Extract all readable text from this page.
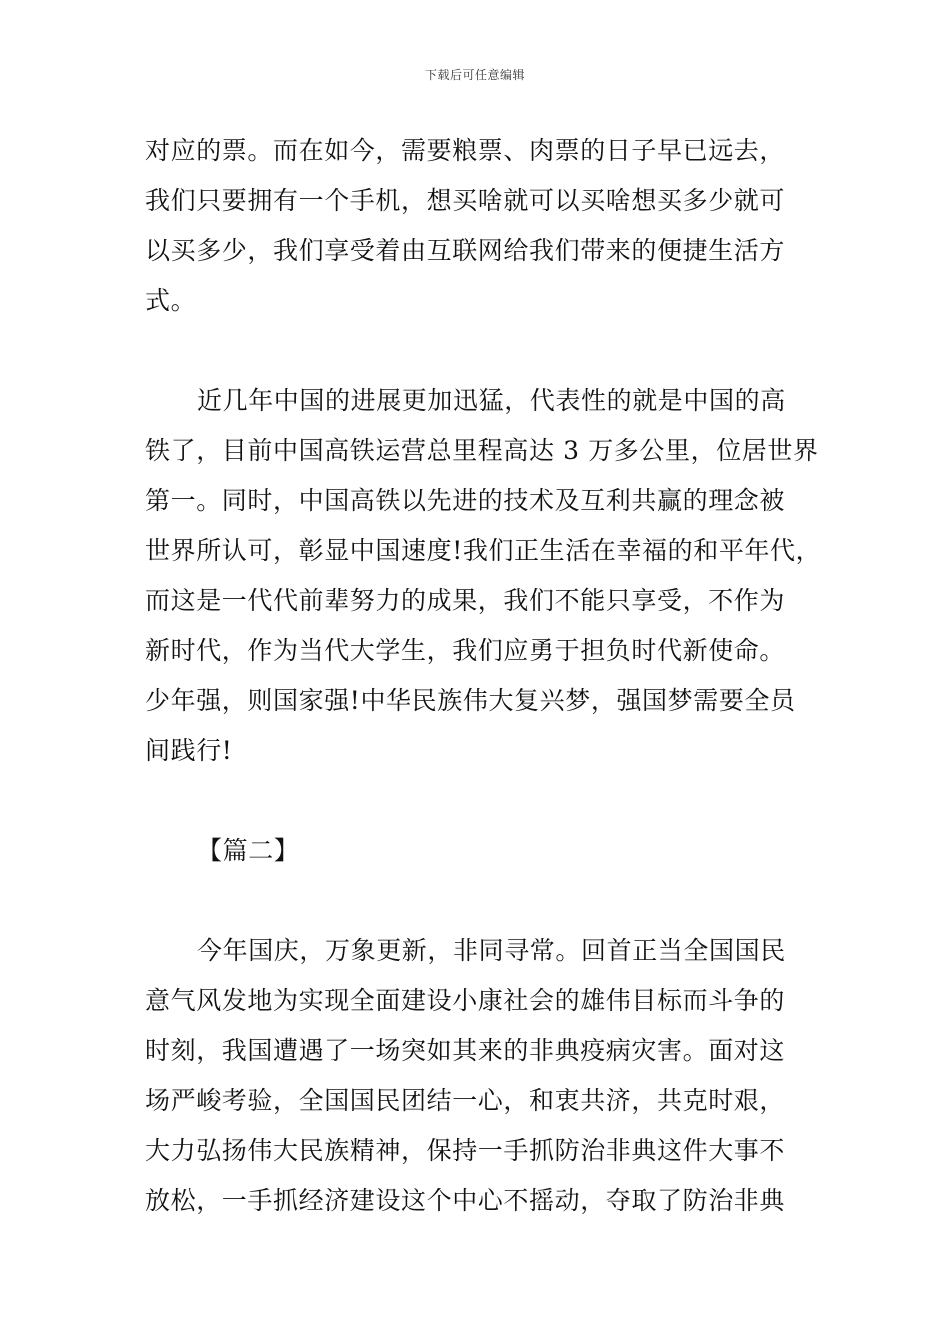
下载后可任意编辑
对应的票。而在如今，需要粮票、肉票的日子早已远去，
我们只要拥有一个手机，想买啥就可以买啥想买多少就可
以买多少，我们享受着由互联网给我们带来的便捷生活方
式。
近几年中国的进展更加迅猛，代表性的就是中国的高
铁了，目前中国高铁运营总里程高达 3 万多公里，位居世界
第一。同时，中国高铁以先进的技术及互利共赢的理念被
世界所认可，彰显中国速度!我们正生活在幸福的和平年代，
而这是一代代前辈努力的成果，我们不能只享受，不作为
新时代，作为当代大学生，我们应勇于担负时代新使命。
少年强，则国家强!中华民族伟大复兴梦，强国梦需要全员
间践行!
【篇二】
今年国庆，万象更新，非同寻常。回首正当全国国民
意气风发地为实现全面建设小康社会的雄伟目标而斗争的
时刻，我国遭遇了一场突如其来的非典疫病灾害。面对这
场严峻考验，全国国民团结一心，和衷共济，共克时艰，
大力弘扬伟大民族精神，保持一手抓防治非典这件大事不
放松，一手抓经济建设这个中心不摇动，夺取了防治非典
